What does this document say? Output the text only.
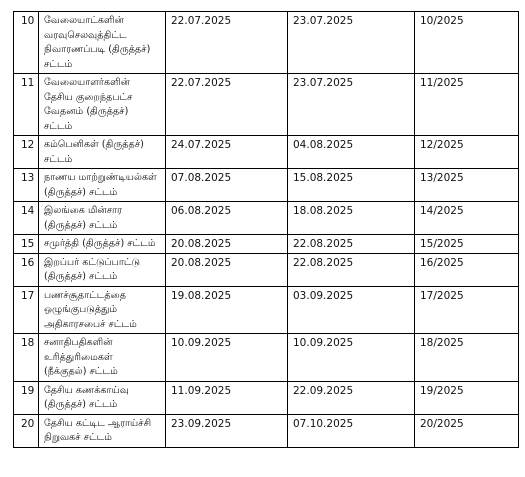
10	வேலையாட்களின்
வரவுசெலவுத்திட்ட
நிவாரணப்படி (திருத்தச்)
சட்டம்	22.07.2025	23.07.2025	10/2025
11	வேலையாளர்களின்
தேசிய குறைந்தபட்ச
வேதனம் (திருத்தச்)
சட்டம்	22.07.2025	23.07.2025	11/2025
12	கம்பெனிகள் (திருத்தச்)
சட்டம்	24.07.2025	04.08.2025	12/2025
13	நாணய மாற்றுண்டியல்கள்
(திருத்தச்) சட்டம்	07.08.2025	15.08.2025	13/2025
14	இலங்கை மின்சார
(திருத்தச்) சட்டம்	06.08.2025	18.08.2025	14/2025
15	சமுர்த்தி (திருத்தச்) சட்டம்	20.08.2025	22.08.2025	15/2025
16	இறப்பர் கட்டுப்பாட்டு
(திருத்தச்) சட்டம்	20.08.2025	22.08.2025	16/2025
17	பணச்சூதாட்டத்தை
ஒழுங்குபடுத்தும்
அதிகாரசபைச் சட்டம்	19.08.2025	03.09.2025	17/2025
18	சனாதிபதிகளின்
உரித்துரிமைகள்
(நீக்குதல்) சட்டம்	10.09.2025	10.09.2025	18/2025
19	தேசிய கணக்காய்வு
(திருத்தச்) சட்டம்	11.09.2025	22.09.2025	19/2025
20	தேசிய கட்டிட ஆராய்ச்சி
நிறுவகச் சட்டம்	23.09.2025	07.10.2025	20/2025
